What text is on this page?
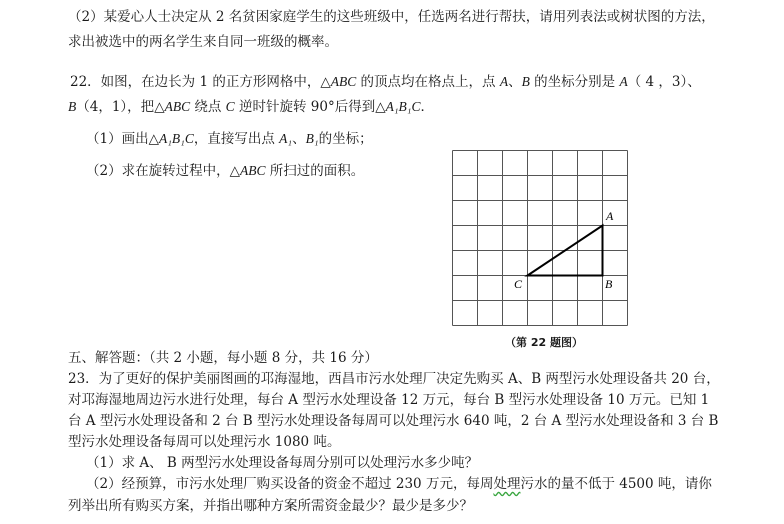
（2）某爱心人士决定从 2 名贫困家庭学生的这些班级中，任选两名进行帮扶，请用列表法或树状图的方法，
求出被选中的两名学生来自同一班级的概率。
22．如图，在边长为 1 的正方形网格中，△ABC 的顶点均在格点上，点 A、B 的坐标分别是 A（ 4 ，3）、
B（4，1），把△ABC 绕点 C 逆时针旋转 90°后得到△A₁B₁C．
（1）画出△A₁B₁C，直接写出点 A₁、B₁的坐标；
（2）求在旋转过程中，△ABC 所扫过的面积。
A
B
C
（第 22 题图）
五、解答题：（共 2 小题，每小题 8 分，共 16 分）
23．为了更好的保护美丽图画的邛海湿地，西昌市污水处理厂决定先购买 A、B 两型污水处理设备共 20 台，
对邛海湿地周边污水进行处理，每台 A 型污水处理设备 12 万元，每台 B 型污水处理设备 10 万元。已知 1
台 A 型污水处理设备和 2 台 B 型污水处理设备每周可以处理污水 640 吨，2 台 A 型污水处理设备和 3 台 B
型污水处理设备每周可以处理污水 1080 吨。
（1）求 A、 B 两型污水处理设备每周分别可以处理污水多少吨？
（2）经预算，市污水处理厂购买设备的资金不超过 230 万元，每周处理污水的量不低于 4500 吨，请你
列举出所有购买方案，并指出哪种方案所需资金最少？最少是多少？
